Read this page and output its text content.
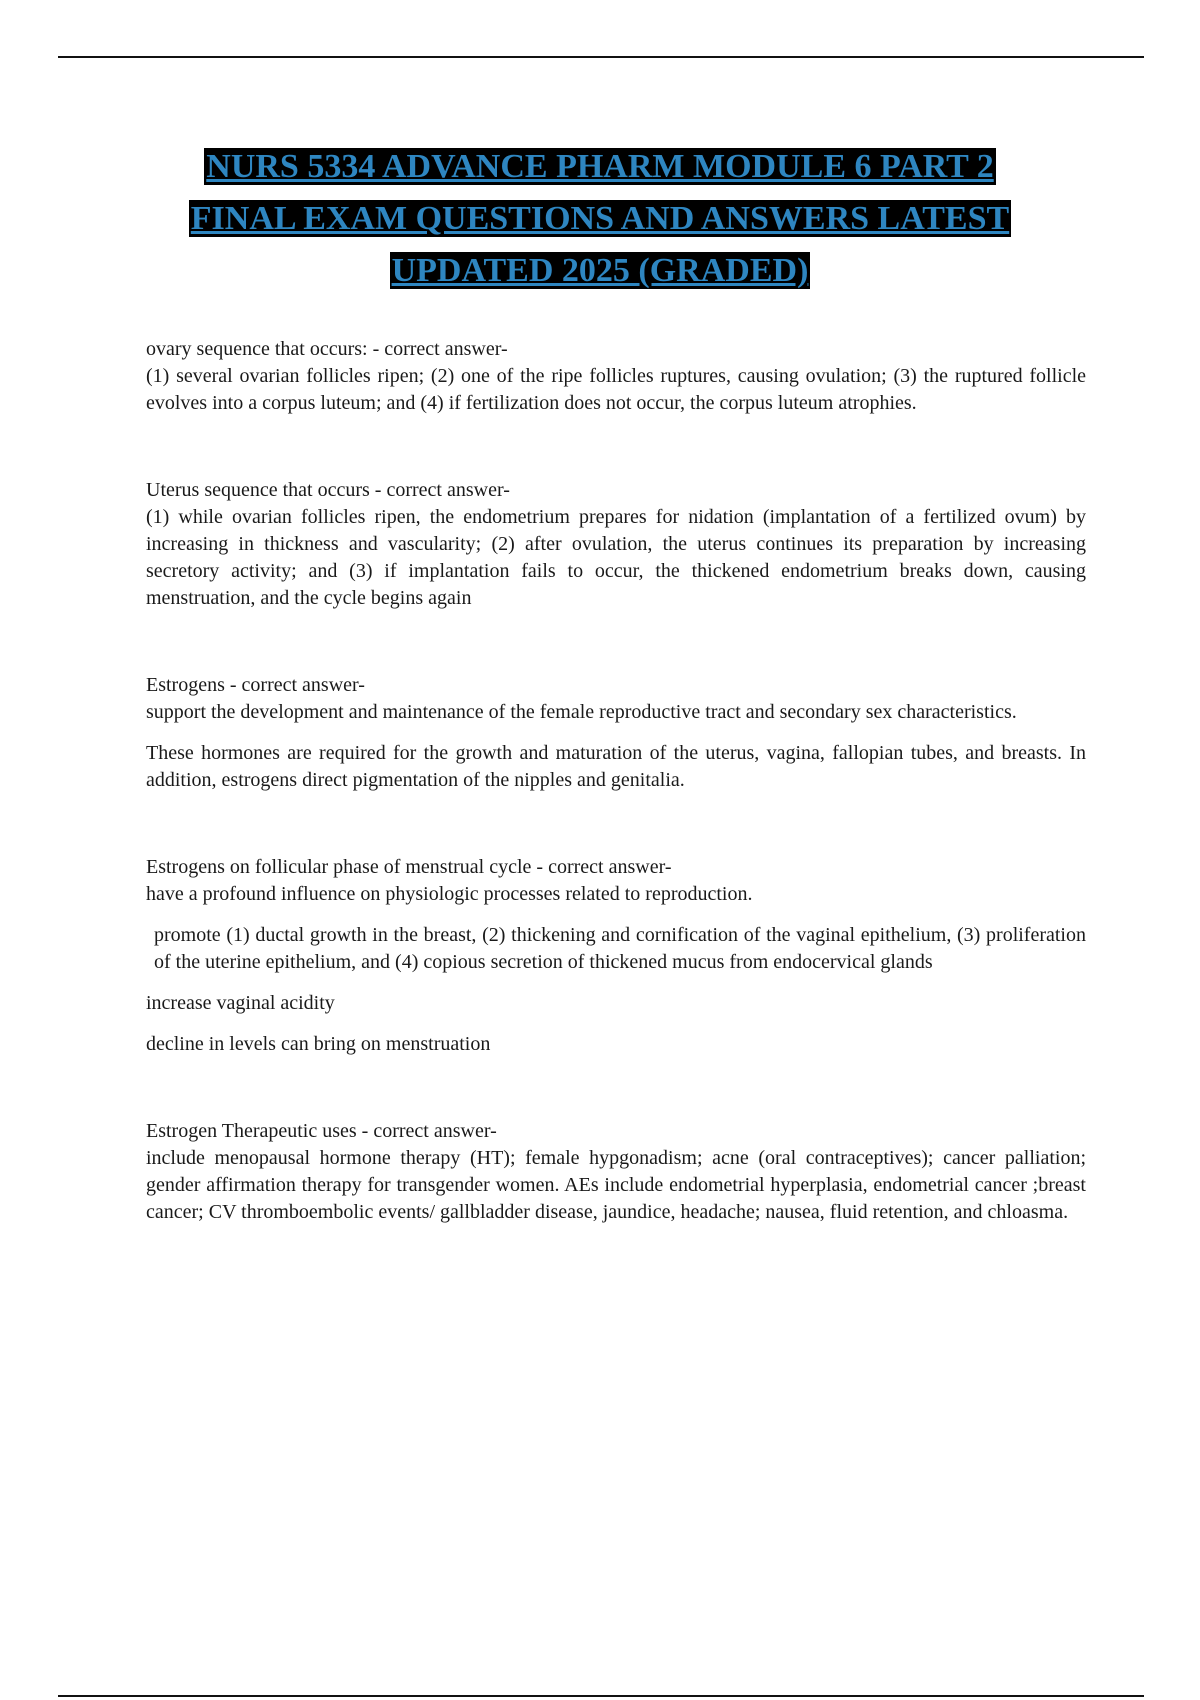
NURS 5334 ADVANCE PHARM MODULE 6 PART 2
FINAL EXAM QUESTIONS AND ANSWERS LATEST
UPDATED 2025 (GRADED)
ovary sequence that occurs: - correct answer-

(1) several ovarian follicles ripen; (2) one of the ripe follicles ruptures, causing ovulation; (3) the ruptured follicle evolves into a corpus luteum; and (4) if fertilization does not occur, the corpus luteum atrophies.

Uterus sequence that occurs - correct answer-

(1) while ovarian follicles ripen, the endometrium prepares for nidation (implantation of a fertilized ovum) by increasing in thickness and vascularity; (2) after ovulation, the uterus continues its preparation by increasing secretory activity; and (3) if implantation fails to occur, the thickened endometrium breaks down, causing menstruation, and the cycle begins again

Estrogens - correct answer-

support the development and maintenance of the female reproductive tract and secondary sex characteristics.

These hormones are required for the growth and maturation of the uterus, vagina, fallopian tubes, and breasts. In addition, estrogens direct pigmentation of the nipples and genitalia.

Estrogens on follicular phase of menstrual cycle - correct answer-

have a profound influence on physiologic processes related to reproduction.

promote (1) ductal growth in the breast, (2) thickening and cornification of the vaginal epithelium, (3) proliferation of the uterine epithelium, and (4) copious secretion of thickened mucus from endocervical glands

increase vaginal acidity

decline in levels can bring on menstruation

Estrogen Therapeutic uses - correct answer-

include menopausal hormone therapy (HT); female hypgonadism; acne (oral contraceptives); cancer palliation; gender affirmation therapy for transgender women. AEs include endometrial hyperplasia, endometrial cancer ;breast cancer; CV thromboembolic events/ gallbladder disease, jaundice, headache; nausea, fluid retention, and chloasma.
